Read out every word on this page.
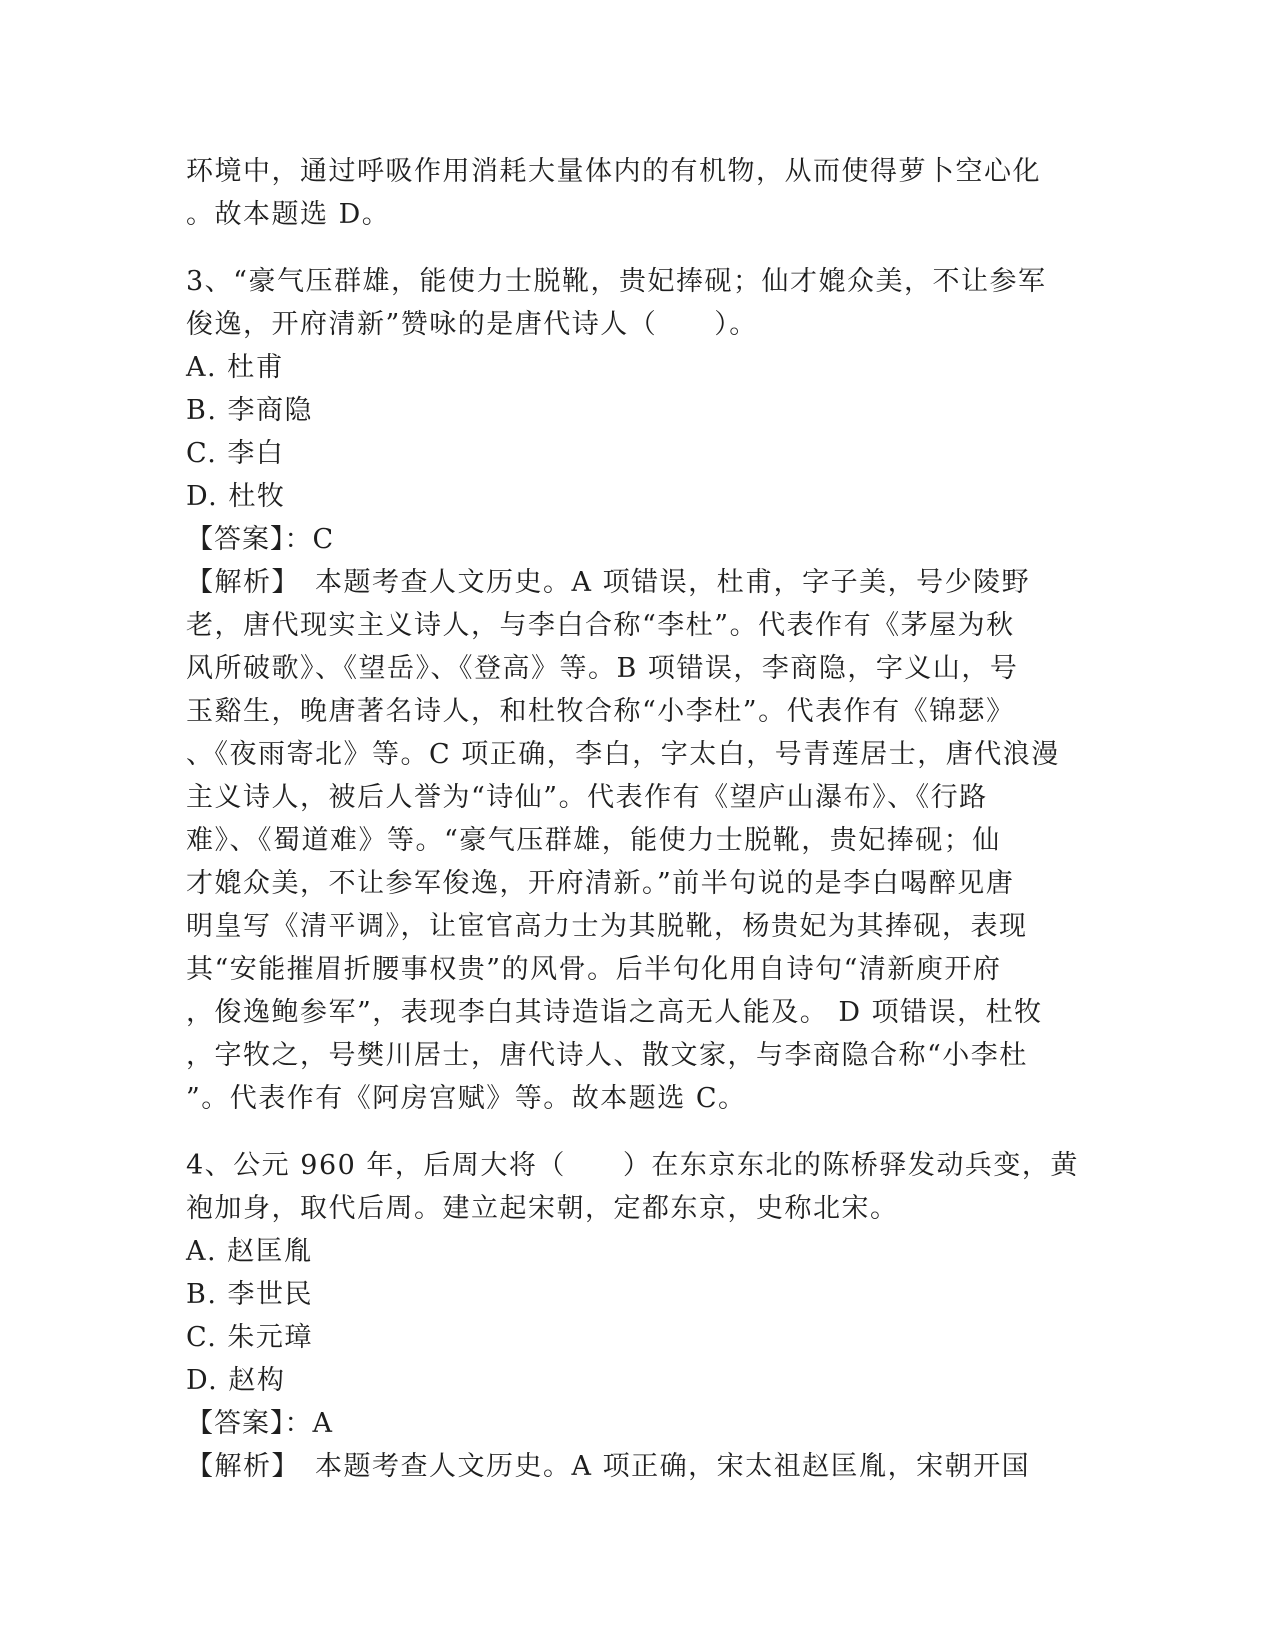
环境中，通过呼吸作用消耗大量体内的有机物，从而使得萝卜空心化
。故本题选 D。
3、“豪气压群雄，能使力士脱靴，贵妃捧砚；仙才媲众美，不让参军
俊逸，开府清新”赞咏的是唐代诗人（　　）。
A. 杜甫
B. 李商隐
C. 李白
D. 杜牧
【答案】：C
【解析】　本题考查人文历史。A 项错误，杜甫，字子美，号少陵野
老，唐代现实主义诗人，与李白合称“李杜”。代表作有《茅屋为秋
风所破歌》、《望岳》、《登高》等。B 项错误，李商隐，字义山，号
玉谿生，晚唐著名诗人，和杜牧合称“小李杜”。代表作有《锦瑟》
、《夜雨寄北》等。C 项正确，李白，字太白，号青莲居士，唐代浪漫
主义诗人，被后人誉为“诗仙”。代表作有《望庐山瀑布》、《行路
难》、《蜀道难》等。“豪气压群雄，能使力士脱靴，贵妃捧砚；仙
才媲众美，不让参军俊逸，开府清新。”前半句说的是李白喝醉见唐
明皇写《清平调》，让宦官高力士为其脱靴，杨贵妃为其捧砚，表现
其“安能摧眉折腰事权贵”的风骨。后半句化用自诗句“清新庾开府
，俊逸鲍参军”，表现李白其诗造诣之高无人能及。 D 项错误，杜牧
，字牧之，号樊川居士，唐代诗人、散文家，与李商隐合称“小李杜
”。代表作有《阿房宫赋》等。故本题选 C。
4、公元 960 年，后周大将（　　）在东京东北的陈桥驿发动兵变，黄
袍加身，取代后周。建立起宋朝，定都东京，史称北宋。
A. 赵匡胤
B. 李世民
C. 朱元璋
D. 赵构
【答案】：A
【解析】　本题考查人文历史。A 项正确，宋太祖赵匡胤，宋朝开国
